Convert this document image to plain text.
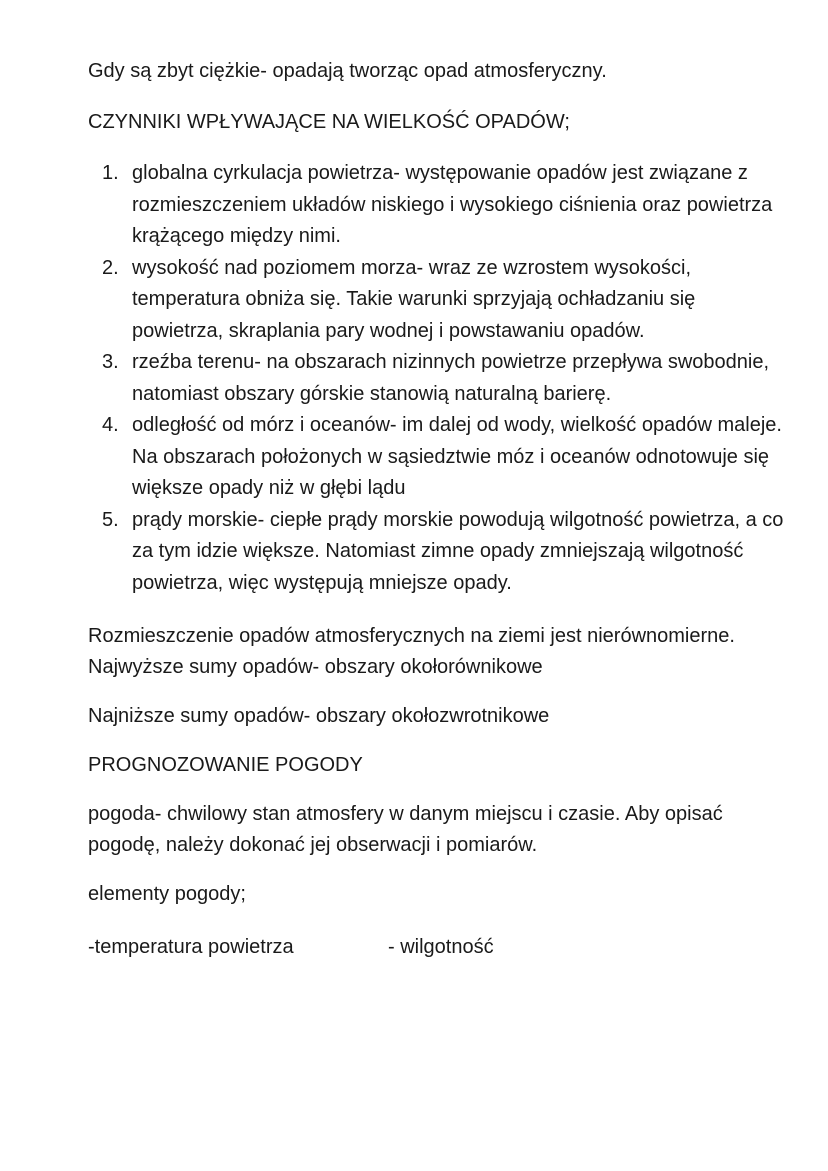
Gdy są zbyt ciężkie- opadają tworząc opad atmosferyczny.

CZYNNIKI WPŁYWAJĄCE NA WIELKOŚĆ OPADÓW;

1. globalna cyrkulacja powietrza- występowanie opadów jest związane z rozmieszczeniem układów niskiego i wysokiego ciśnienia oraz powietrza krążącego między nimi.
2. wysokość nad poziomem morza- wraz ze wzrostem wysokości, temperatura obniża się. Takie warunki sprzyjają ochładzaniu się powietrza, skraplania pary wodnej i powstawaniu opadów.
3. rzeźba terenu- na obszarach nizinnych powietrze przepływa swobodnie, natomiast obszary górskie stanowią naturalną barierę.
4. odległość od mórz i oceanów- im dalej od wody, wielkość opadów maleje. Na obszarach położonych w sąsiedztwie móz i oceanów odnotowuje się większe opady niż w głębi lądu
5. prądy morskie- ciepłe prądy morskie powodują wilgotność powietrza, a co za tym idzie większe. Natomiast zimne opady zmniejszają wilgotność powietrza, więc występują mniejsze opady.

Rozmieszczenie opadów atmosferycznych na ziemi jest nierównomierne. Najwyższe sumy opadów- obszary okołorównikowe

Najniższe sumy opadów- obszary okołozwrotnikowe

PROGNOZOWANIE POGODY

pogoda- chwilowy stan atmosfery w danym miejscu i czasie. Aby opisać pogodę, należy dokonać jej obserwacji i pomiarów.

elementy pogody;

-temperatura powietrza	- wilgotność
